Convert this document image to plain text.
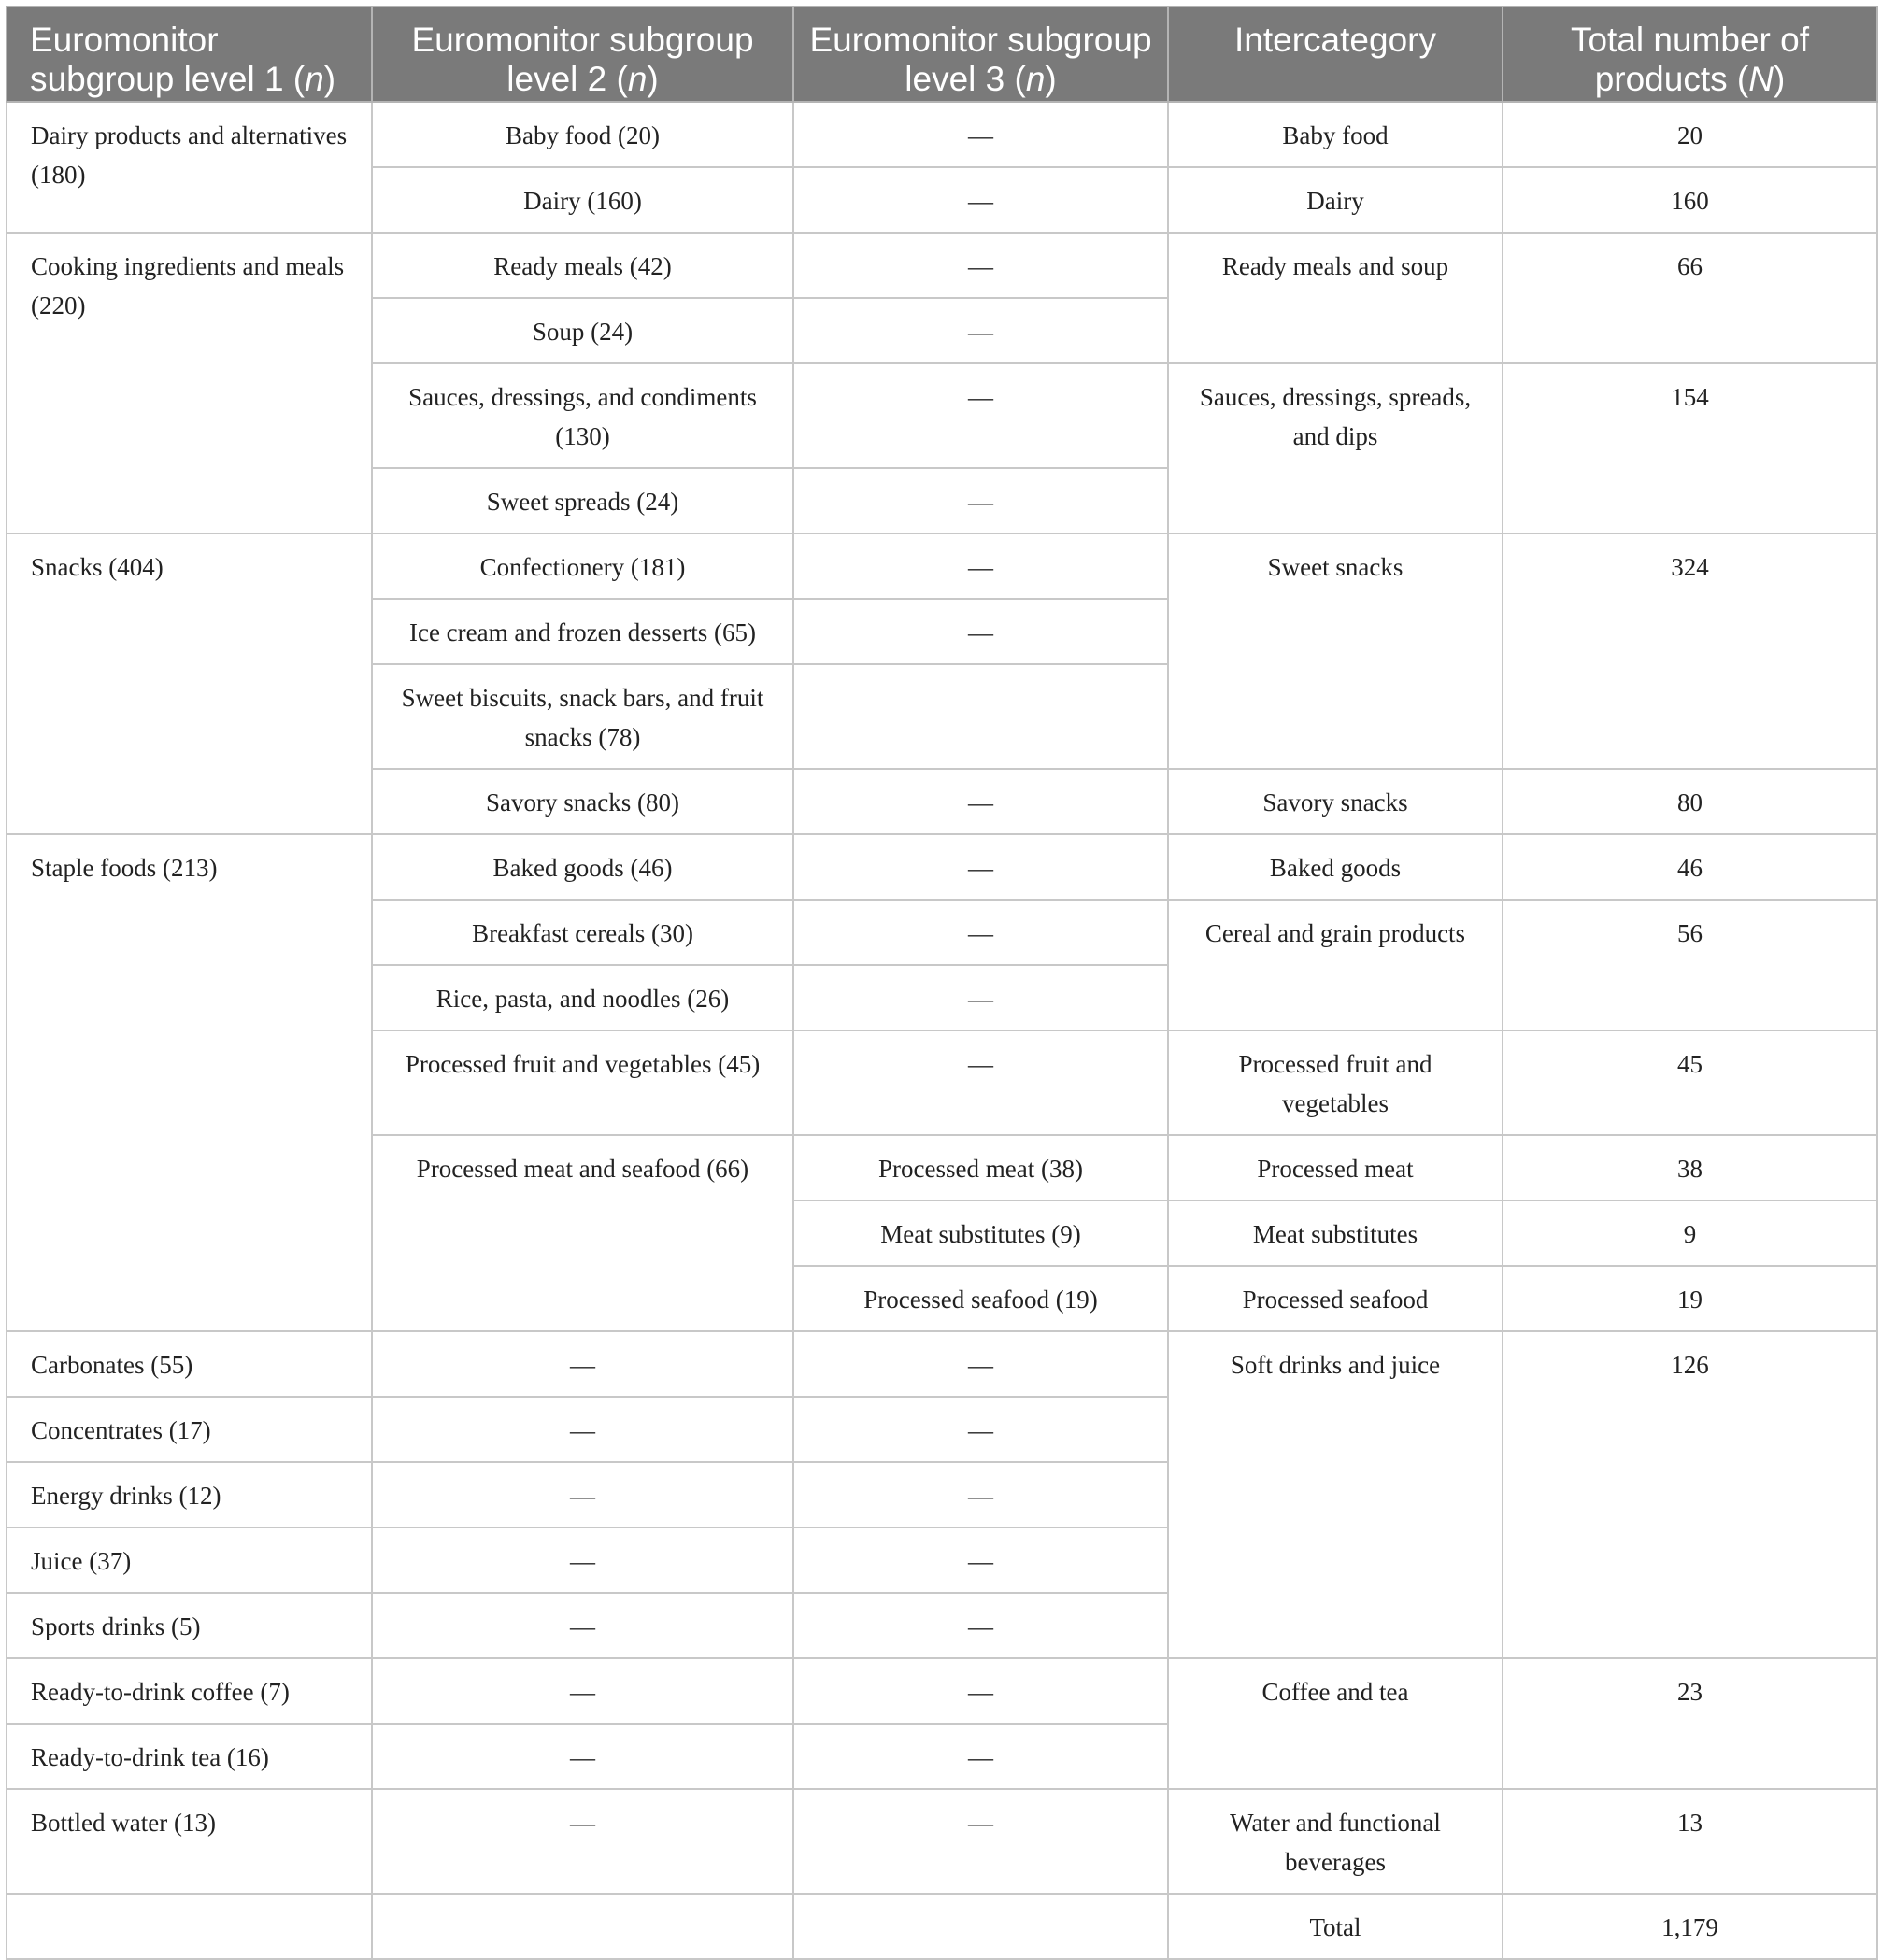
Euromonitor subgroup level 1 (n)	Euromonitor subgroup level 2 (n)	Euromonitor subgroup level 3 (n)	Intercategory	Total number of products (N)
Dairy products and alternatives (180)	Baby food (20)	—	Baby food	20
	Dairy (160)	—	Dairy	160
Cooking ingredients and meals (220)	Ready meals (42)	—	Ready meals and soup	66
	Soup (24)	—		
	Sauces, dressings, and condiments (130)	—	Sauces, dressings, spreads, and dips	154
	Sweet spreads (24)	—		
Snacks (404)	Confectionery (181)	—	Sweet snacks	324
	Ice cream and frozen desserts (65)	—		
	Sweet biscuits, snack bars, and fruit snacks (78)			
	Savory snacks (80)	—	Savory snacks	80
Staple foods (213)	Baked goods (46)	—	Baked goods	46
	Breakfast cereals (30)	—	Cereal and grain products	56
	Rice, pasta, and noodles (26)	—		
	Processed fruit and vegetables (45)	—	Processed fruit and vegetables	45
	Processed meat and seafood (66)	Processed meat (38)	Processed meat	38
		Meat substitutes (9)	Meat substitutes	9
		Processed seafood (19)	Processed seafood	19
Carbonates (55)	—	—	Soft drinks and juice	126
Concentrates (17)	—	—		
Energy drinks (12)	—	—		
Juice (37)	—	—		
Sports drinks (5)	—	—		
Ready-to-drink coffee (7)	—	—	Coffee and tea	23
Ready-to-drink tea (16)	—	—		
Bottled water (13)	—	—	Water and functional beverages	13
			Total	1,179
